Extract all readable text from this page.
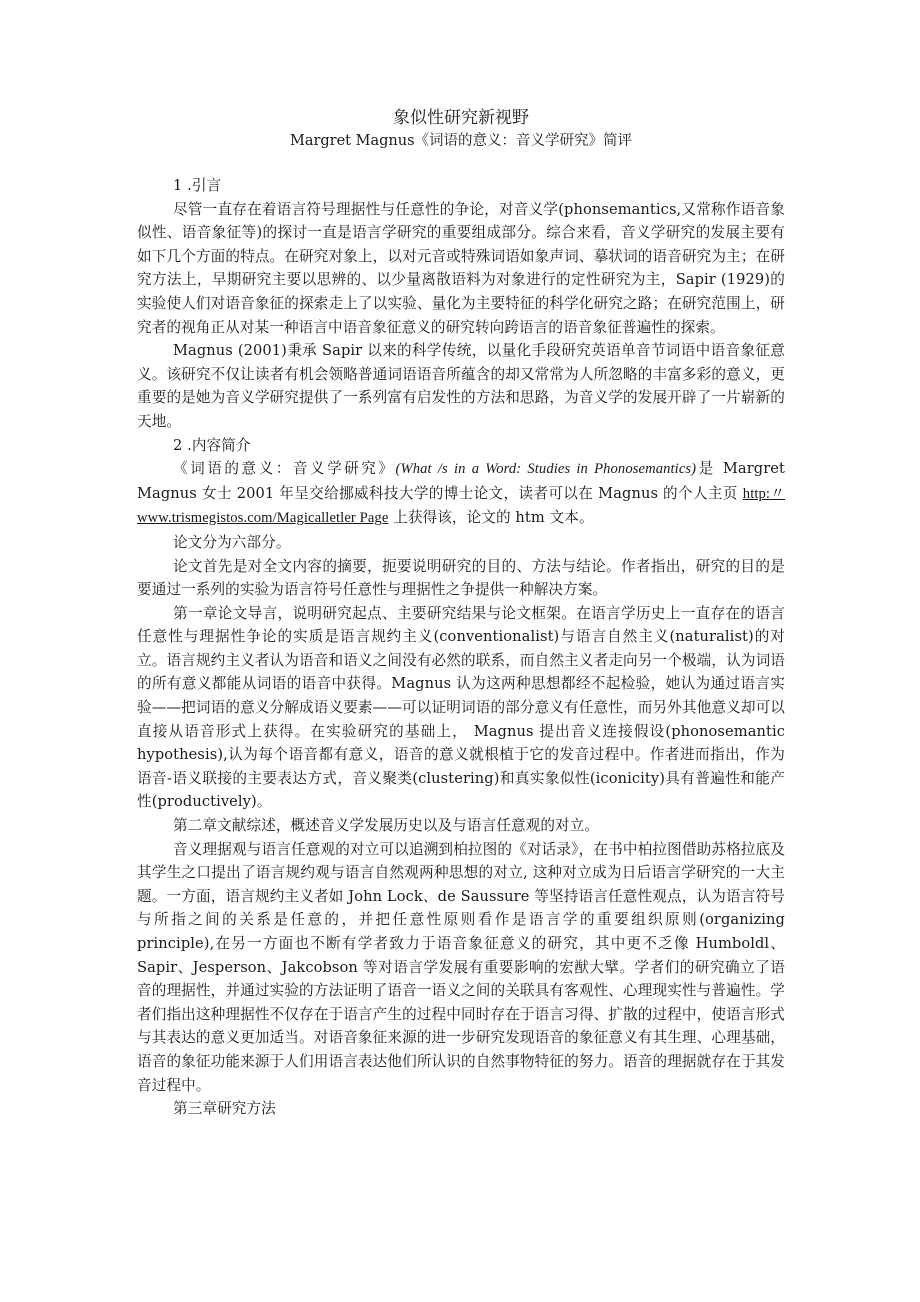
象似性研究新视野
Margret Magnus《词语的意义：音义学研究》简评

1 .引言

尽管一直存在着语言符号理据性与任意性的争论，对音义学(phonsemantics,又常称作语音象似性、语音象征等)的探讨一直是语言学研究的重要组成部分。综合来看，音义学研究的发展主要有如下几个方面的特点。在研究对象上，以对元音或特殊词语如象声词、摹状词的语音研究为主；在研究方法上，早期研究主要以思辨的、以少量离散语料为对象进行的定性研究为主，Sapir (1929)的实验使人们对语音象征的探索走上了以实验、量化为主要特征的科学化研究之路；在研究范围上，研究者的视角正从对某一种语言中语音象征意义的研究转向跨语言的语音象征普遍性的探索。

Magnus (2001)秉承 Sapir 以来的科学传统，以量化手段研究英语单音节词语中语音象征意义。该研究不仅让读者有机会领略普通词语语音所蕴含的却又常常为人所忽略的丰富多彩的意义，更重要的是她为音义学研究提供了一系列富有启发性的方法和思路，为音义学的发展开辟了一片崭新的天地。

2 .内容简介

《词语的意义：音义学研究》(What /s in a Word: Studies in Phonosemantics)是 Margret Magnus 女士 2001 年呈交给挪威科技大学的博士论文，读者可以在 Magnus 的个人主页 http:〃www.trismegistos.com/Magicalletler Page 上获得该，论文的 htm 文本。

论文分为六部分。

论文首先是对全文内容的摘要，扼要说明研究的目的、方法与结论。作者指出，研究的目的是要通过一系列的实验为语言符号任意性与理据性之争提供一种解决方案。

第一章论文导言，说明研究起点、主要研究结果与论文框架。在语言学历史上一直存在的语言任意性与理据性争论的实质是语言规约主义(conventionalist)与语言自然主义(naturalist)的对立。语言规约主义者认为语音和语义之间没有必然的联系，而自然主义者走向另一个极端，认为词语的所有意义都能从词语的语音中获得。Magnus 认为这两种思想都经不起检验，她认为通过语言实验——把词语的意义分解成语义要素——可以证明词语的部分意义有任意性，而另外其他意义却可以直接从语音形式上获得。在实验研究的基础上， Magnus 提出音义连接假设(phonosemantic hypothesis),认为每个语音都有意义，语音的意义就根植于它的发音过程中。作者进而指出，作为语音-语义联接的主要表达方式，音义聚类(clustering)和真实象似性(iconicity)具有普遍性和能产性(productively)。

第二章文献综述，概述音义学发展历史以及与语言任意观的对立。

音义理据观与语言任意观的对立可以追溯到柏拉图的《对话录》，在书中柏拉图借助苏格拉底及其学生之口提出了语言规约观与语言自然观两种思想的对立, 这种对立成为日后语言学研究的一大主题。一方面，语言规约主义者如 John Lock、de Saussure 等坚持语言任意性观点，认为语言符号与所指之间的关系是任意的，并把任意性原则看作是语言学的重要组织原则(organizing principle),在另一方面也不断有学者致力于语音象征意义的研究，其中更不乏像 Humboldl、Sapir、Jesperson、Jakcobson 等对语言学发展有重要影响的宏猷大擘。学者们的研究确立了语音的理据性，并通过实验的方法证明了语音一语义之间的关联具有客观性、心理现实性与普遍性。学者们指出这种理据性不仅存在于语言产生的过程中同时存在于语言习得、扩散的过程中，使语言形式与其表达的意义更加适当。对语音象征来源的进一步研究发现语音的象征意义有其生理、心理基础，语音的象征功能来源于人们用语言表达他们所认识的自然事物特征的努力。语音的理据就存在于其发音过程中。

第三章研究方法
